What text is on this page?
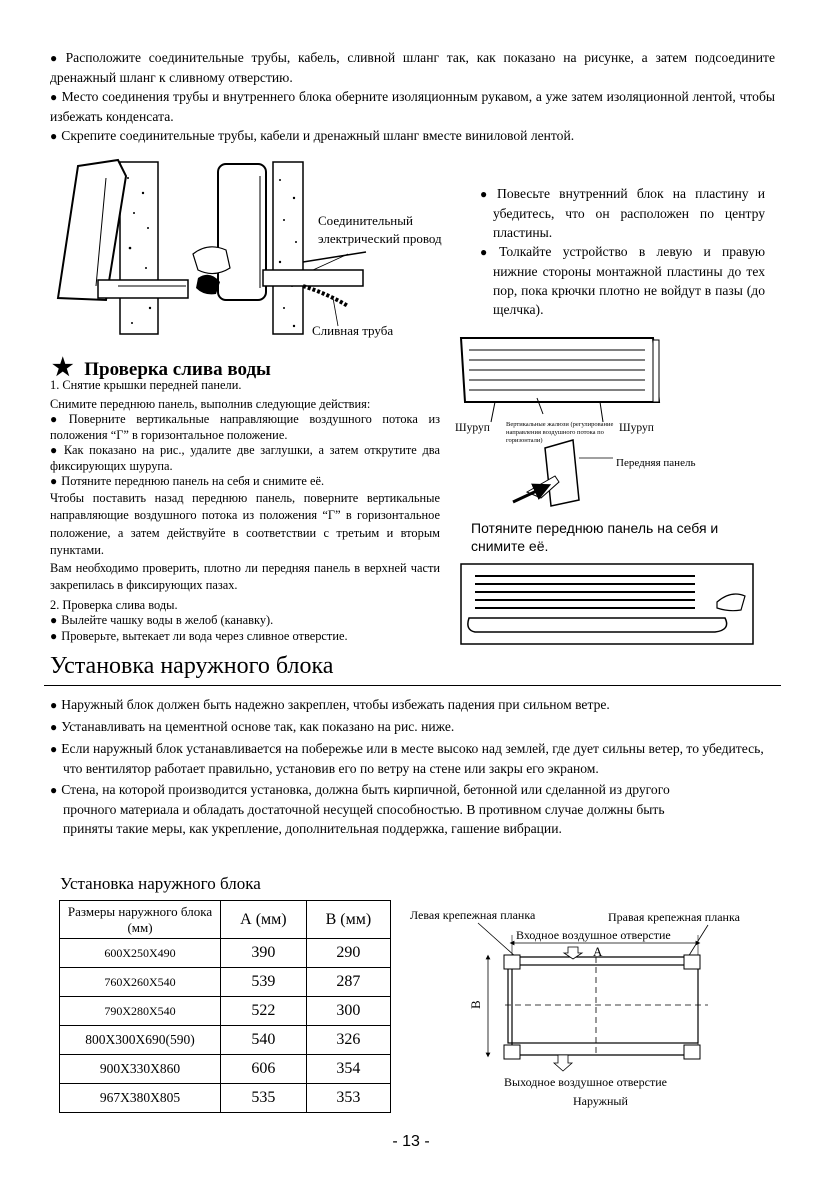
● Расположите соединительные трубы, кабель, сливной шланг так, как показано на рисунке, а затем подсоедините дренажный шланг к сливному отверстию.
● Место соединения трубы и внутреннего блока оберните изоляционным рукавом, а уже затем изоляционной лентой, чтобы избежать конденсата.
● Скрепите соединительные трубы, кабели и дренажный шланг вместе виниловой лентой.
Соединительный
электрический провод
Сливная труба
● Повесьте внутренний блок на пластину и убедитесь, что он расположен по центру пластины.
● Толкайте устройство в левую и правую нижние стороны монтажной пластины до тех пор, пока крючки плотно не войдут в пазы (до щелчка).
★ Проверка слива воды
1. Снятие крышки передней панели.
Снимите переднюю панель, выполнив следующие действия:
● Поверните вертикальные направляющие воздушного потока из положения “Г” в горизонтальное положение.
● Как показано на рис., удалите две заглушки, а затем открутите два фиксирующих шурупа.
● Потяните переднюю панель на себя и снимите её.
Чтобы поставить назад переднюю панель, поверните вертикальные направляющие воздушного потока из положения “Г” в горизонтальное положение, а затем действуйте в соответствии с третьим и вторым пунктами.
Вам необходимо проверить, плотно ли передняя панель в верхней части закрепилась в фиксирующих пазах.
2. Проверка слива воды.
● Вылейте чашку воды в желоб (канавку).
● Проверьте, вытекает ли вода через сливное отверстие.
Шуруп	Шуруп
Вертикальные жалюзи (регулирование направления воздушного потока по горизонтали)
Передняя панель
Потяните переднюю панель на себя и снимите её.
Установка наружного блока
● Наружный блок должен быть надежно закреплен, чтобы избежать падения при сильном ветре.
● Устанавливать на цементной основе так, как показано на рис. ниже.
● Если наружный блок устанавливается на побережье или в месте высоко над землей, где дует сильны ветер, то убедитесь, что вентилятор работает правильно, установив его по ветру на стене или закры его экраном.
● Стена, на которой производится установка, должна быть кирпичной, бетонной или сделанной из другого прочного материала и обладать достаточной несущей способностью. В противном случае должны быть приняты такие меры, как укрепление, дополнительная поддержка, гашение вибрации.
Установка наружного блока
Размеры наружного блока (мм)	А (мм)	В (мм)
600X250X490	390	290
760X260X540	539	287
790X280X540	522	300
800X300X690(590)	540	326
900X330X860	606	354
967X380X805	535	353
Левая крепежная планка	Правая крепежная планка
Входное воздушное отверстие
Выходное воздушное отверстие
Наружный
A
B
- 13 -
